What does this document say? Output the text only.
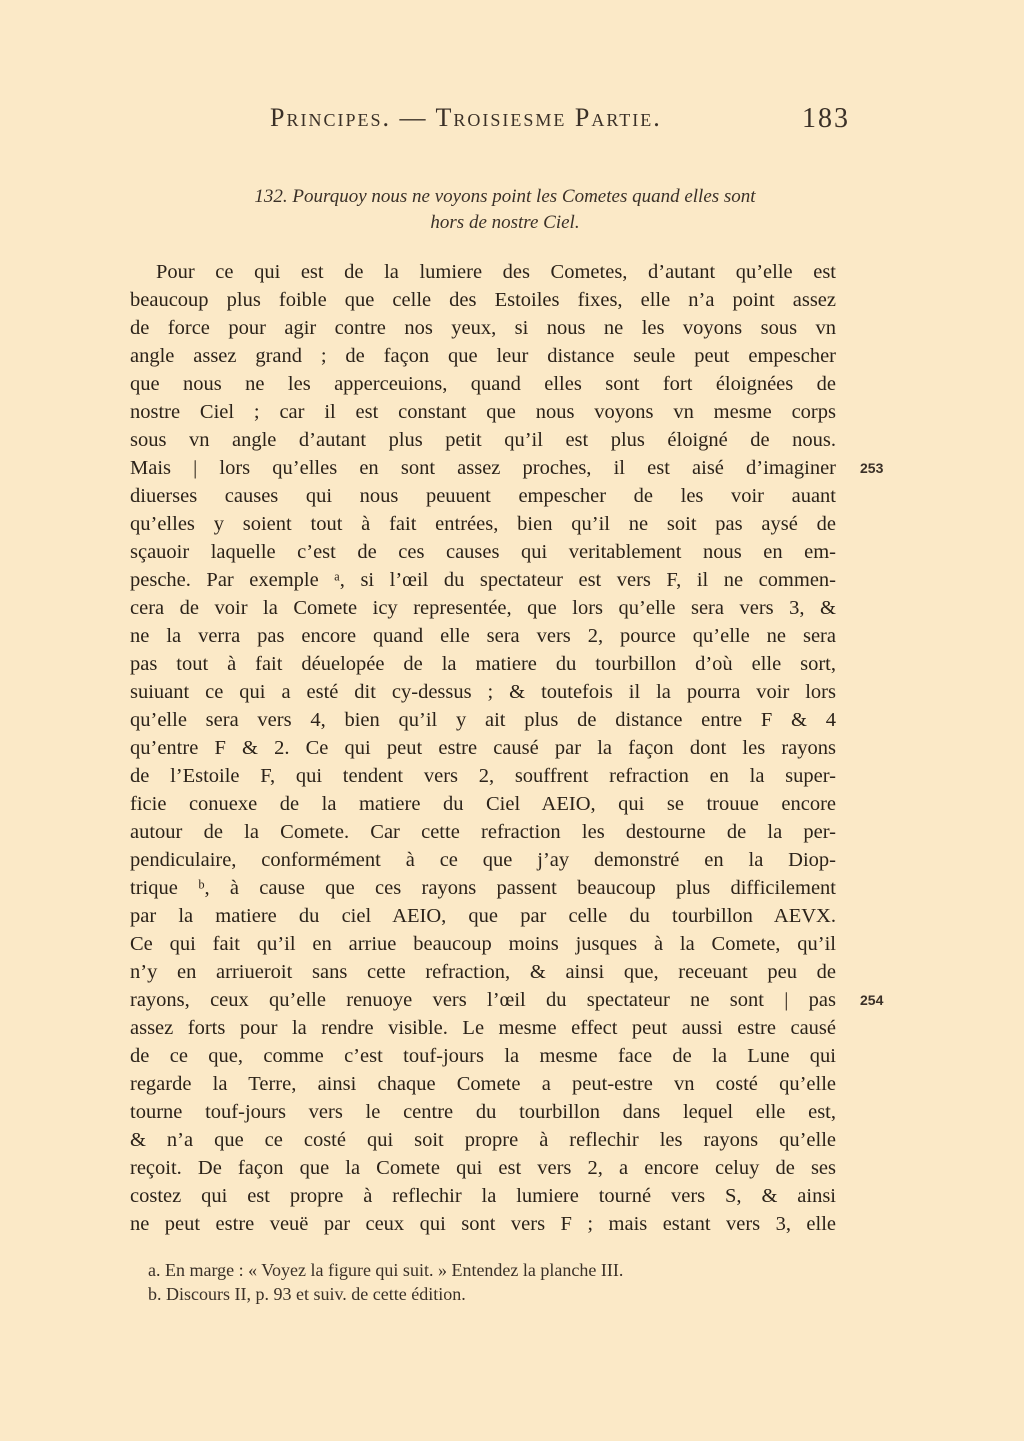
Principes. — Troisiesme Partie.	183
132. Pourquoy nous ne voyons point les Cometes quand elles sont
hors de nostre Ciel.
Pour ce qui est de la lumiere des Cometes, d’autant qu’elle est
beaucoup plus foible que celle des Estoiles fixes, elle n’a point assez
de force pour agir contre nos yeux, si nous ne les voyons sous vn
angle assez grand ; de façon que leur distance seule peut empescher
que nous ne les apperceuions, quand elles sont fort éloignées de
nostre Ciel ; car il est constant que nous voyons vn mesme corps
sous vn angle d’autant plus petit qu’il est plus éloigné de nous.
Mais | lors qu’elles en sont assez proches, il est aisé d’imaginer
diuerses causes qui nous peuuent empescher de les voir auant
qu’elles y soient tout à fait entrées, bien qu’il ne soit pas aysé de
sçauoir laquelle c’est de ces causes qui veritablement nous en em-
pesche. Par exemple ᵃ, si l’œil du spectateur est vers F, il ne commen-
cera de voir la Comete icy representée, que lors qu’elle sera vers 3, &
ne la verra pas encore quand elle sera vers 2, pource qu’elle ne sera
pas tout à fait déuelopée de la matiere du tourbillon d’où elle sort,
suiuant ce qui a esté dit cy-dessus ; & toutefois il la pourra voir lors
qu’elle sera vers 4, bien qu’il y ait plus de distance entre F & 4
qu’entre F & 2. Ce qui peut estre causé par la façon dont les rayons
de l’Estoile F, qui tendent vers 2, souffrent refraction en la super-
ficie conuexe de la matiere du Ciel AEIO, qui se trouue encore
autour de la Comete. Car cette refraction les destourne de la per-
pendiculaire, conformément à ce que j’ay demonstré en la Diop-
trique ᵇ, à cause que ces rayons passent beaucoup plus difficilement
par la matiere du ciel AEIO, que par celle du tourbillon AEVX.
Ce qui fait qu’il en arriue beaucoup moins jusques à la Comete, qu’il
n’y en arriueroit sans cette refraction, & ainsi que, receuant peu de
rayons, ceux qu’elle renuoye vers l’œil du spectateur ne sont | pas
assez forts pour la rendre visible. Le mesme effect peut aussi estre causé
de ce que, comme c’est touf-jours la mesme face de la Lune qui
regarde la Terre, ainsi chaque Comete a peut-estre vn costé qu’elle
tourne touf-jours vers le centre du tourbillon dans lequel elle est,
& n’a que ce costé qui soit propre à reflechir les rayons qu’elle
reçoit. De façon que la Comete qui est vers 2, a encore celuy de ses
costez qui est propre à reflechir la lumiere tourné vers S, & ainsi
ne peut estre veuë par ceux qui sont vers F ; mais estant vers 3, elle
253
254
a. En marge : « Voyez la figure qui suit. » Entendez la planche III.
b. Discours II, p. 93 et suiv. de cette édition.
